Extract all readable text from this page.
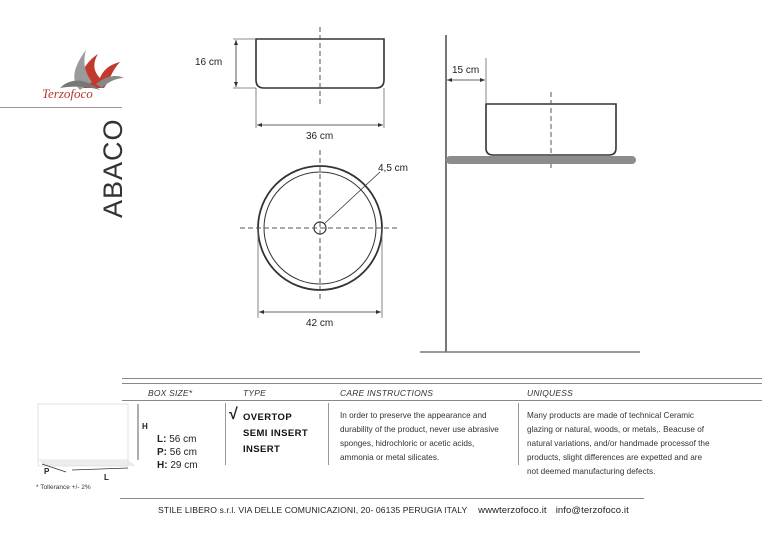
Terzofoco
ABACO
16 cm
36 cm
4,5 cm
42 cm
15 cm
BOX SIZE*	TYPE	CARE INSTRUCTIONS	UNIQUESS
H
P
L
L: 56 cm
P: 56 cm
H: 29 cm
* Tollerance +/- 2%
√ OVERTOP
SEMI INSERT
INSERT
In order to preserve the appearance and durability of the product, never use abrasive sponges, hidrochloric or acetic acids, ammonia or metal silicates.
Many products are made of technical Ceramic glazing or natural, woods, or metals,. Beacuse of natural variations, and/or handmade processof the products, slight differences are expetted and are not deemed manufacturing defects.
STILE LIBERO s.r.l. VIA DELLE COMUNICAZIONI, 20- 06135 PERUGIA ITALY wwwterzofoco.it info@terzofoco.it
